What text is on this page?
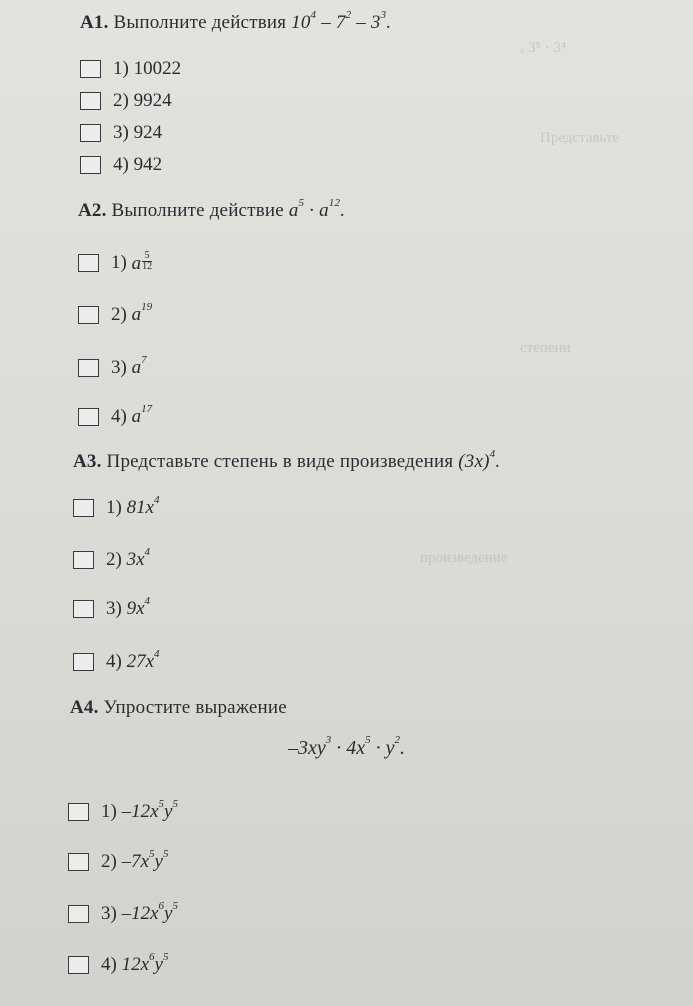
ₓ 3⁵ · 3⁴
Представьте
степени
произведение
А1. Выполните действия $10^4 - 7^2 - 3^3$.
1)
10022
2)
9924
3)
924
4)
942
А2. Выполните действие $a^5 \cdot a^{12}$.
1)
a $\frac{5}{12}$
2)
$a^{19}$
3)
$a^7$
4)
$a^{17}$
А3. Представьте степень в виде произведения $(3x)^4$.
1)
$81x^4$
2)
$3x^4$
3)
$9x^4$
4)
$27x^4$
А4. Упростите выражение
$-3xy^3 \cdot 4x^5 \cdot y^2$.
1)
$-12x^5y^5$
2)
$-7x^5y^5$
3)
$-12x^6y^5$
4)
$12x^6y^5$
